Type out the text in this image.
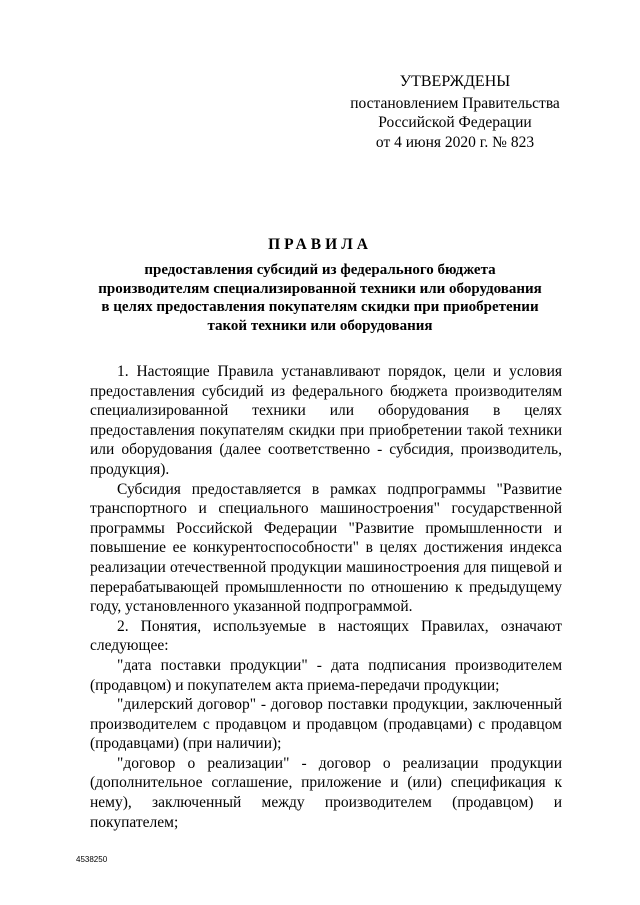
УТВЕРЖДЕНЫ
постановлением Правительства
Российской Федерации
от 4 июня 2020 г. № 823
ПРАВИЛА
предоставления субсидий из федерального бюджета
производителям специализированной техники или оборудования
в целях предоставления покупателям скидки при приобретении
такой техники или оборудования

1. Настоящие Правила устанавливают порядок, цели и условия предоставления субсидий из федерального бюджета производителям специализированной техники или оборудования в целях предоставления покупателям скидки при приобретении такой техники или оборудования (далее соответственно - субсидия, производитель, продукция).

Субсидия предоставляется в рамках подпрограммы "Развитие транспортного и специального машиностроения" государственной программы Российской Федерации "Развитие промышленности и повышение ее конкурентоспособности" в целях достижения индекса реализации отечественной продукции машиностроения для пищевой и перерабатывающей промышленности по отношению к предыдущему году, установленного указанной подпрограммой.

2. Понятия, используемые в настоящих Правилах, означают следующее:

"дата поставки продукции" - дата подписания производителем (продавцом) и покупателем акта приема-передачи продукции;

"дилерский договор" - договор поставки продукции, заключенный производителем с продавцом и продавцом (продавцами) с продавцом (продавцами) (при наличии);

"договор о реализации" - договор о реализации продукции (дополнительное соглашение, приложение и (или) спецификация к нему), заключенный между производителем (продавцом) и покупателем;

4538250
